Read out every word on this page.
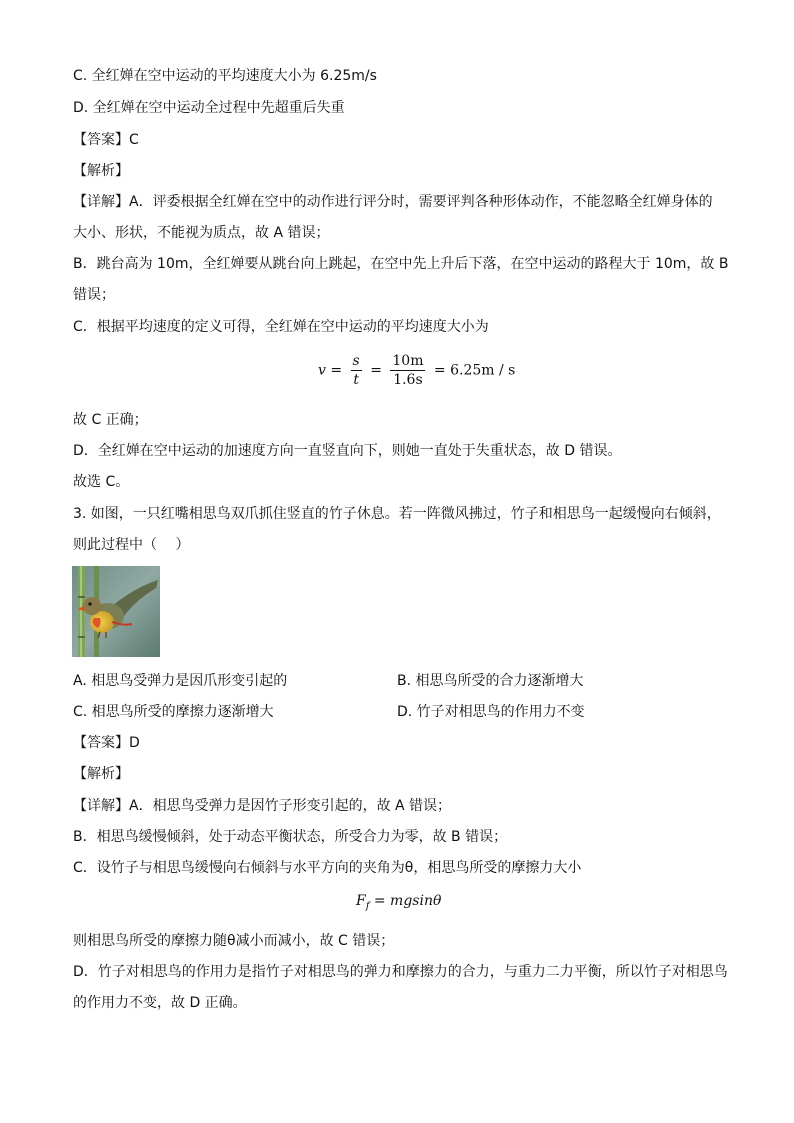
C. 全红婵在空中运动的平均速度大小为 6.25m/s
D. 全红婵在空中运动全过程中先超重后失重
【答案】C
【解析】
【详解】A．评委根据全红婵在空中的动作进行评分时，需要评判各种形体动作，不能忽略全红婵身体的
大小、形状，不能视为质点，故 A 错误；
B．跳台高为 10m，全红婵要从跳台向上跳起，在空中先上升后下落，在空中运动的路程大于 10m，故 B
错误；
C．根据平均速度的定义可得，全红婵在空中运动的平均速度大小为
$v = \frac{s}{t} = \frac{10m}{1.6s} = 6.25m / s$
故 C 正确；
D．全红婵在空中运动的加速度方向一直竖直向下，则她一直处于失重状态，故 D 错误。
故选 C。
3. 如图，一只红嘴相思鸟双爪抓住竖直的竹子休息。若一阵微风拂过，竹子和相思鸟一起缓慢向右倾斜，
则此过程中（　 ）
A. 相思鸟受弹力是因爪形变引起的	B. 相思鸟所受的合力逐渐增大
C. 相思鸟所受的摩擦力逐渐增大	D. 竹子对相思鸟的作用力不变
【答案】D
【解析】
【详解】A．相思鸟受弹力是因竹子形变引起的，故 A 错误；
B．相思鸟缓慢倾斜，处于动态平衡状态，所受合力为零，故 B 错误；
C．设竹子与相思鸟缓慢向右倾斜与水平方向的夹角为θ，相思鸟所受的摩擦力大小
$F_f = mgsin\theta$
则相思鸟所受的摩擦力随θ减小而减小，故 C 错误；
D．竹子对相思鸟的作用力是指竹子对相思鸟的弹力和摩擦力的合力，与重力二力平衡，所以竹子对相思鸟
的作用力不变，故 D 正确。
